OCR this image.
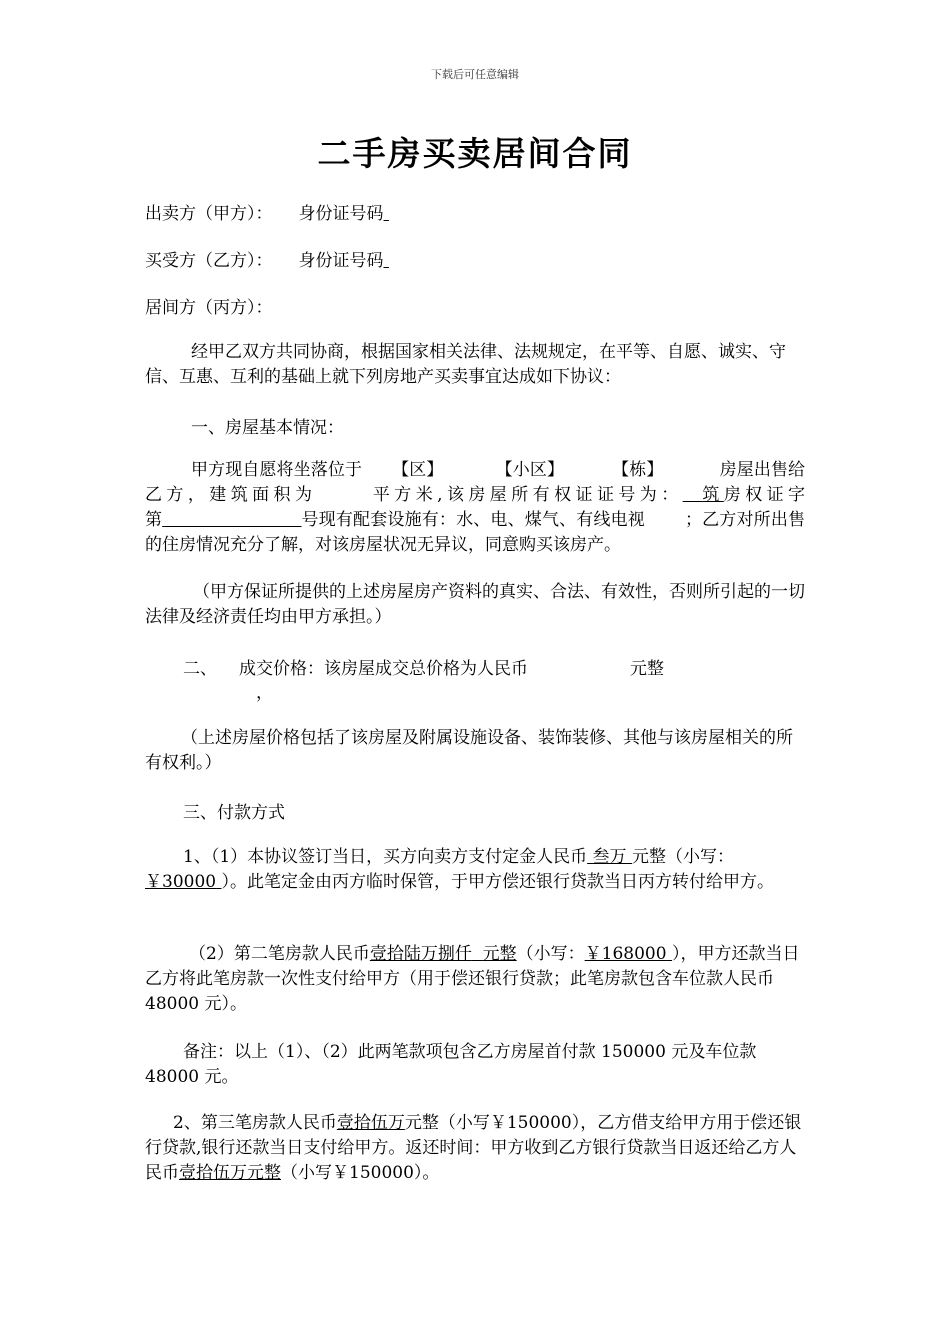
下载后可任意编辑
二手房买卖居间合同
出卖方（甲方）： 身份证号码
买受方（乙方）： 身份证号码
居间方（丙方）：
经甲乙双方共同协商，根据国家相关法律、法规规定，在平等、自愿、诚实、守信、互惠、互利的基础上就下列房地产买卖事宜达成如下协议：
一、房屋基本情况：
甲方现自愿将坐落位于 【区】	【小区】	【栋】	房屋出售给乙方，建筑面积为	平方米,该房屋所有权证证号为： 筑房权证字第	号现有配套设施有：水、电、煤气、有线电视 ；乙方对所出售的住房情况充分了解，对该房屋状况无异议，同意购买该房产。
（甲方保证所提供的上述房屋房产资料的真实、合法、有效性，否则所引起的一切法律及经济责任均由甲方承担。）
二、 成交价格：该房屋成交总价格为人民币	元整
，
（上述房屋价格包括了该房屋及附属设施设备、装饰装修、其他与该房屋相关的所有权利。）
三、付款方式
1、（1）本协议签订当日，买方向卖方支付定金人民币 叁万 元整（小写：￥30000 ）。此笔定金由丙方临时保管，于甲方偿还银行贷款当日丙方转付给甲方。
（2）第二笔房款人民币壹拾陆万捌仟 元整（小写：￥168000 ），甲方还款当日乙方将此笔房款一次性支付给甲方（用于偿还银行贷款；此笔房款包含车位款人民币 48000 元）。
备注：以上（1）、（2）此两笔款项包含乙方房屋首付款 150000 元及车位款 48000 元。
2、第三笔房款人民币壹拾伍万元整（小写￥150000），乙方借支给甲方用于偿还银行贷款,银行还款当日支付给甲方。返还时间：甲方收到乙方银行贷款当日返还给乙方人民币壹拾伍万元整（小写￥150000）。
